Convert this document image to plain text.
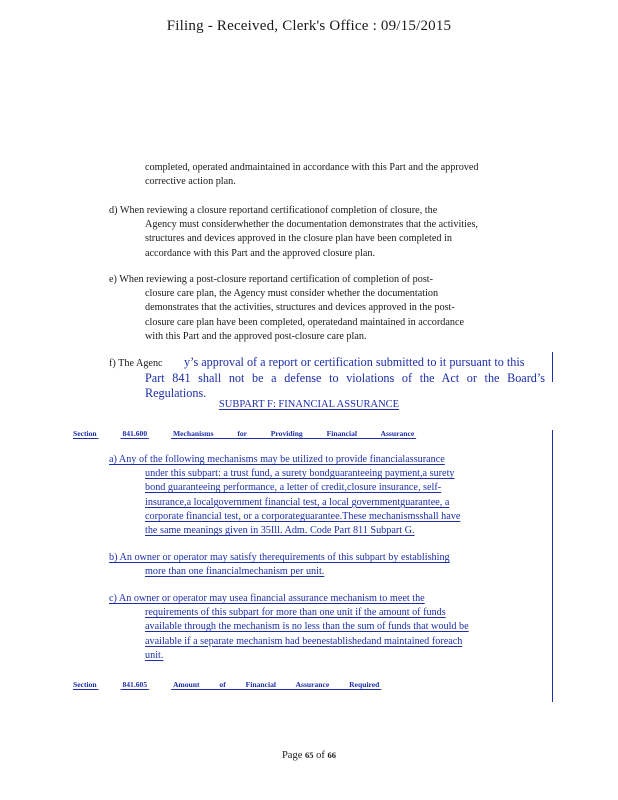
Filing - Received, Clerk's Office : 09/15/2015
completed, operated andmaintained in accordance with this Part and the approved
corrective action plan.
d) When reviewing a closure reportand certificationof completion of closure, the
Agency must considerwhether the documentation demonstrates that the activities,
structures and devices approved in the closure plan have been completed in
accordance with this Part and the approved closure plan.
e) When reviewing a post-closure reportand certification of completion of post-
closure care plan, the Agency must consider whether the documentation
demonstrates that the activities, structures and devices approved in the post-
closure care plan have been completed, operatedand maintained in accordance
with this Part and the approved post-closure care plan.
f) The Agenc y’s approval of a report or certification submitted to it pursuant to this
Part 841 shall not be a defense to violations of the Act or the Board’s Regulations.
SUBPART F: FINANCIAL ASSURANCE
Section	841.600	Mechanisms for Providing Financial Assurance
a) Any of the following mechanisms may be utilized to provide financialassurance
under this subpart: a trust fund, a surety bondguaranteeing payment,a surety
bond guaranteeing performance, a letter of credit,closure insurance, self-
insurance,a localgovernment financial test, a local governmentguarantee, a
corporate financial test, or a corporateguarantee.These mechanismsshall have
the same meanings given in 35Ill. Adm. Code Part 811 Subpart G.
b) An owner or operator may satisfy therequirements of this subpart by establishing
more than one financialmechanism per unit.
c) An owner or operator may usea financial assurance mechanism to meet the
requirements of this subpart for more than one unit if the amount of funds
available through the mechanism is no less than the sum of funds that would be
available if a separate mechanism had beenestablishedand maintained foreach
unit.
Section	841.605	Amount of Financial Assurance Required
Page 65 of 66
